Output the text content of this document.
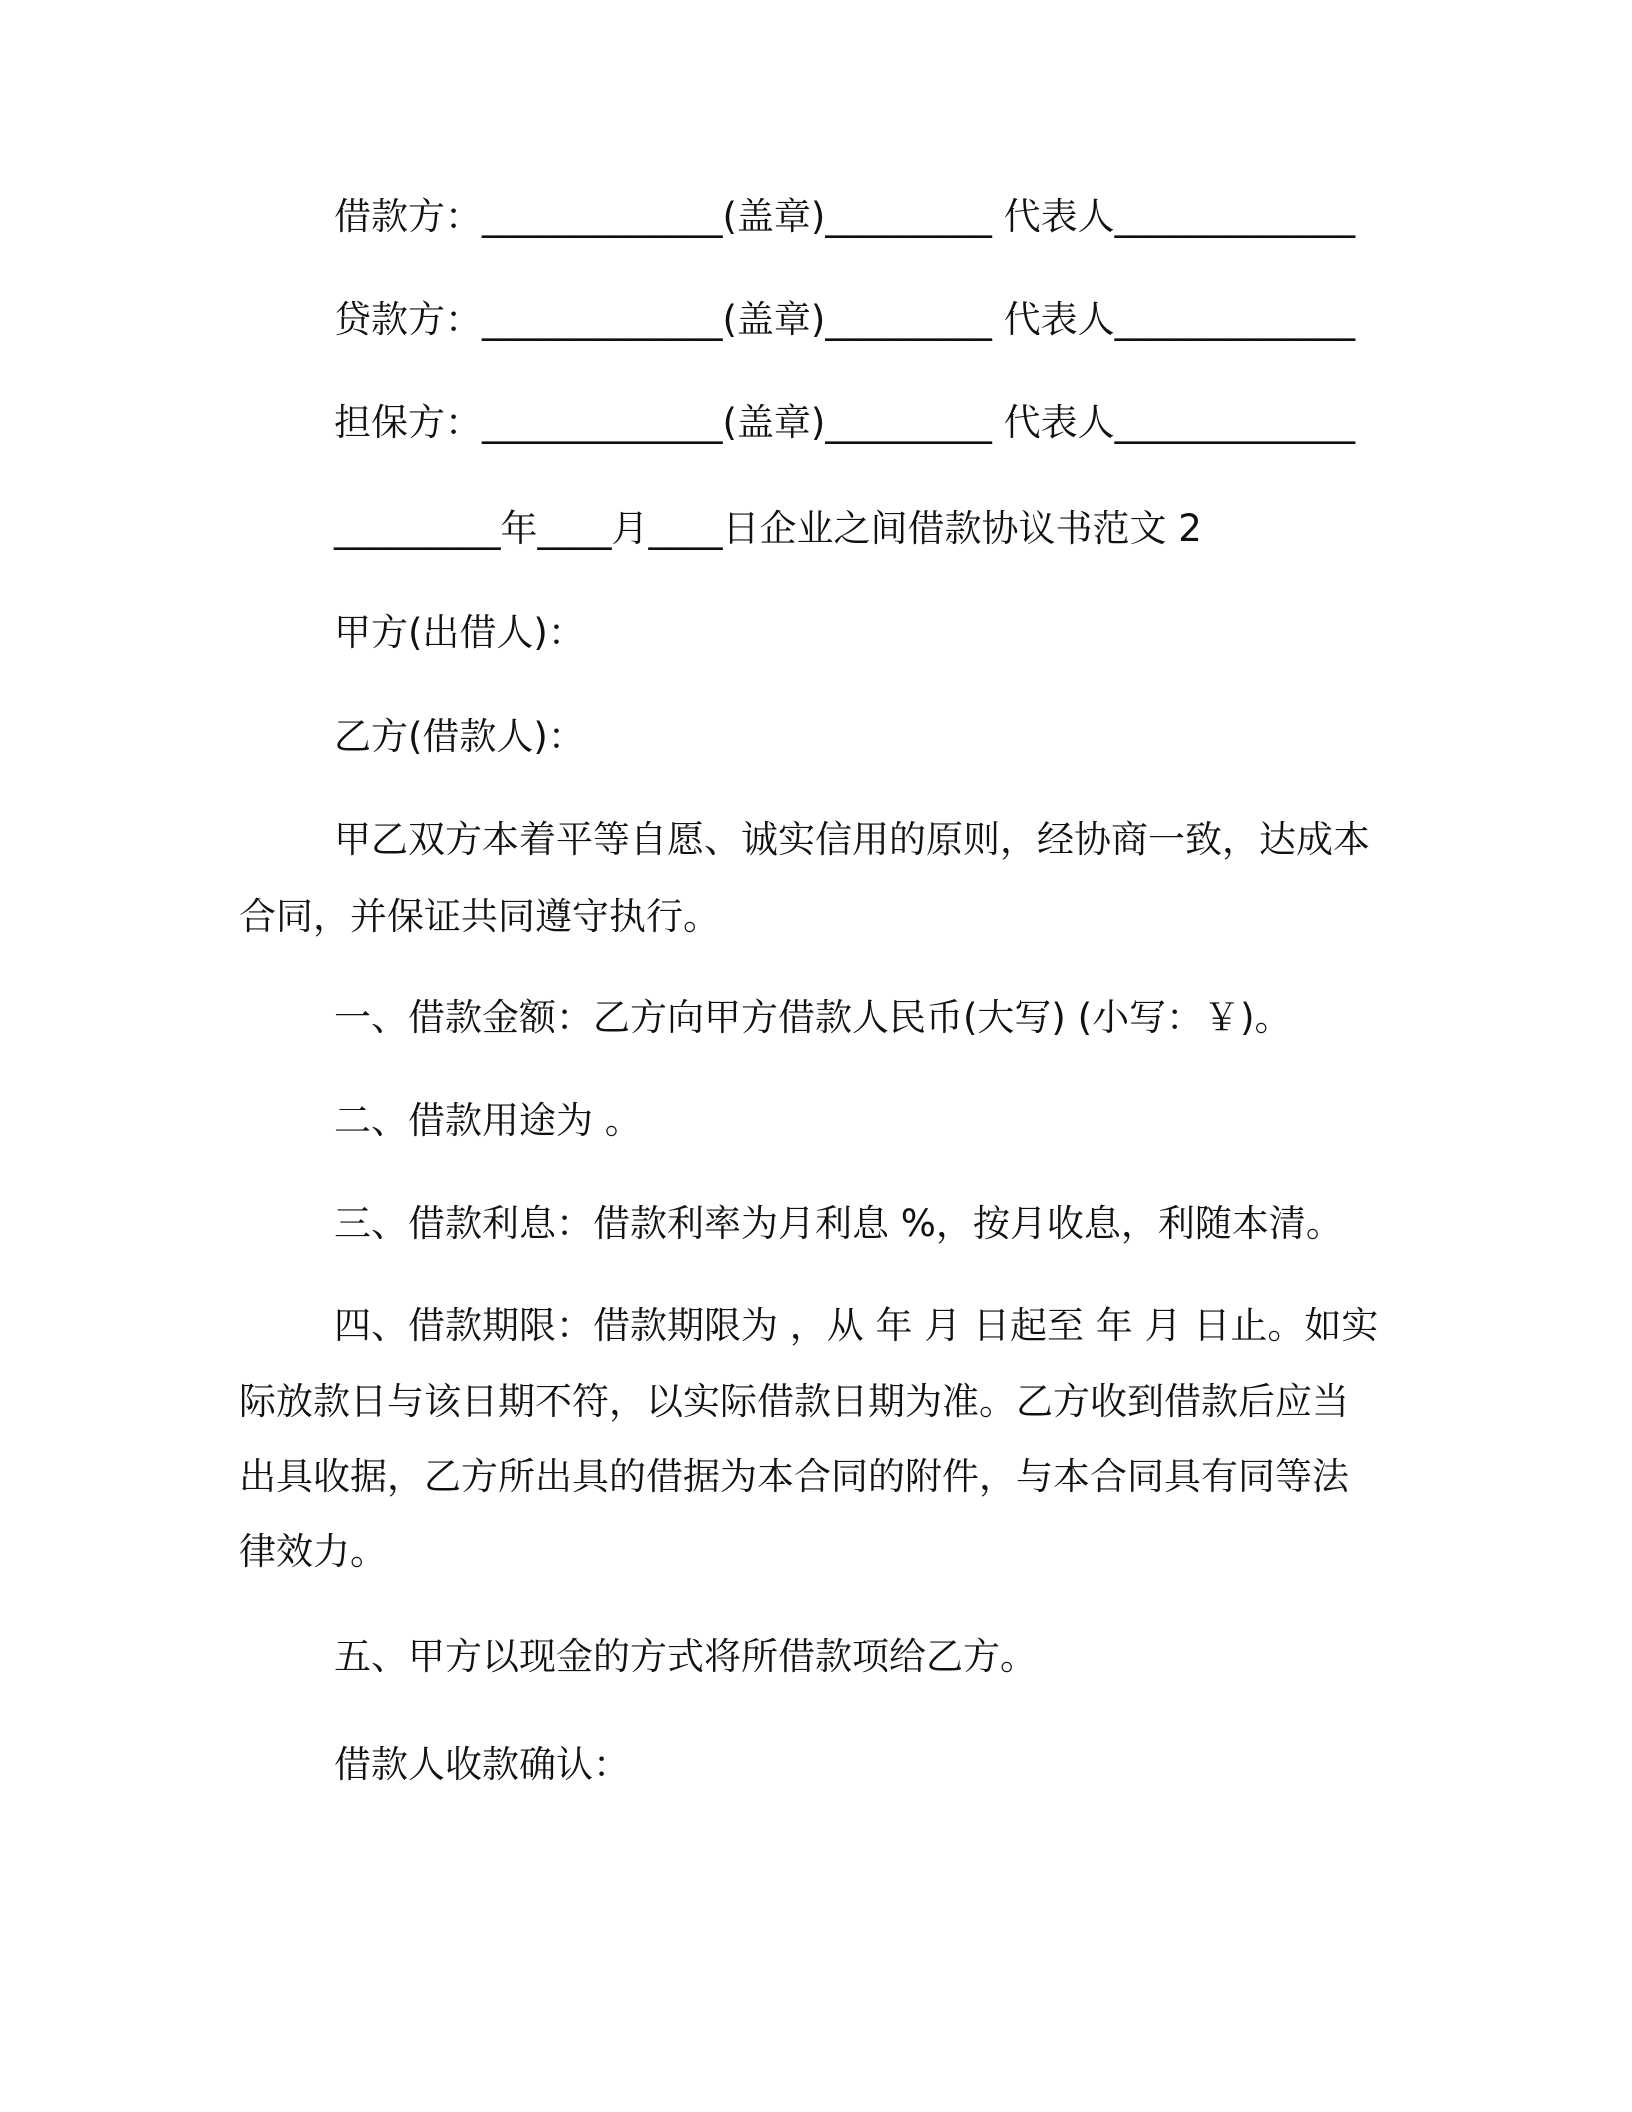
借款方：_____________(盖章)_________ 代表人_____________
贷款方：_____________(盖章)_________ 代表人_____________
担保方：_____________(盖章)_________ 代表人_____________
_________年____月____日企业之间借款协议书范文 2
甲方(出借人)：
乙方(借款人)：
甲乙双方本着平等自愿、诚实信用的原则，经协商一致，达成本
合同，并保证共同遵守执行。
一、借款金额：乙方向甲方借款人民币(大写) (小写：￥)。
二、借款用途为 。
三、借款利息：借款利率为月利息 %，按月收息，利随本清。
四、借款期限：借款期限为 ，从 年 月 日起至 年 月 日止。如实
际放款日与该日期不符，以实际借款日期为准。乙方收到借款后应当
出具收据，乙方所出具的借据为本合同的附件，与本合同具有同等法
律效力。
五、甲方以现金的方式将所借款项给乙方。
借款人收款确认：
